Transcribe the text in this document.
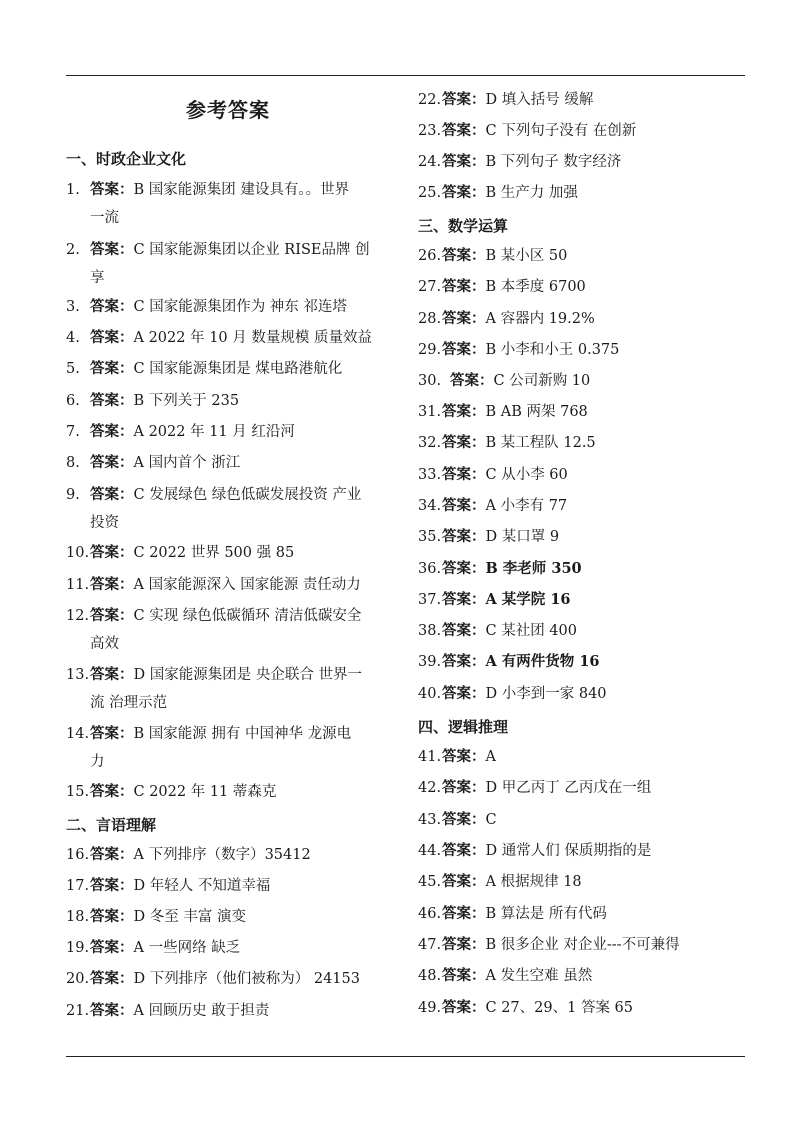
参考答案
一、时政企业文化
1. 答案：B 国家能源集团 建设具有。。世界
一流
2. 答案：C 国家能源集团以企业 RISE品牌 创
享
3. 答案：C 国家能源集团作为 神东 祁连塔
4. 答案：A 2022 年 10 月 数量规模 质量效益
5. 答案：C 国家能源集团是 煤电路港航化
6. 答案：B 下列关于 235
7. 答案：A 2022 年 11 月 红沿河
8. 答案：A 国内首个 浙江
9. 答案：C 发展绿色 绿色低碳发展投资 产业
投资
10.答案：C 2022 世界 500 强 85
11.答案：A 国家能源深入 国家能源 责任动力
12.答案：C 实现 绿色低碳循环 清洁低碳安全
高效
13.答案：D 国家能源集团是 央企联合 世界一
流 治理示范
14.答案：B 国家能源 拥有 中国神华 龙源电
力
15.答案：C 2022 年 11 蒂森克
二、言语理解
16.答案：A 下列排序（数字）35412
17.答案：D 年轻人 不知道幸福
18.答案：D 冬至 丰富 演变
19.答案：A 一些网络 缺乏
20.答案：D 下列排序（他们被称为） 24153
21.答案：A 回顾历史 敢于担责
22.答案：D 填入括号 缓解
23.答案：C 下列句子没有 在创新
24.答案：B 下列句子 数字经济
25.答案：B 生产力 加强
三、数学运算
26.答案：B 某小区 50
27.答案：B 本季度 6700
28.答案：A 容器内 19.2%
29.答案：B 小李和小王 0.375
30. 答案：C 公司新购 10
31.答案：B AB 两架 768
32.答案：B 某工程队 12.5
33.答案：C 从小李 60
34.答案：A 小李有 77
35.答案：D 某口罩 9
36.答案：B 李老师 350
37.答案：A 某学院 16
38.答案：C 某社团 400
39.答案：A 有两件货物 16
40.答案：D 小李到一家 840
四、逻辑推理
41.答案：A
42.答案：D 甲乙丙丁 乙丙戊在一组
43.答案：C
44.答案：D 通常人们 保质期指的是
45.答案：A 根据规律 18
46.答案：B 算法是 所有代码
47.答案：B 很多企业 对企业---不可兼得
48.答案：A 发生空难 虽然
49.答案：C 27、29、1 答案 65
